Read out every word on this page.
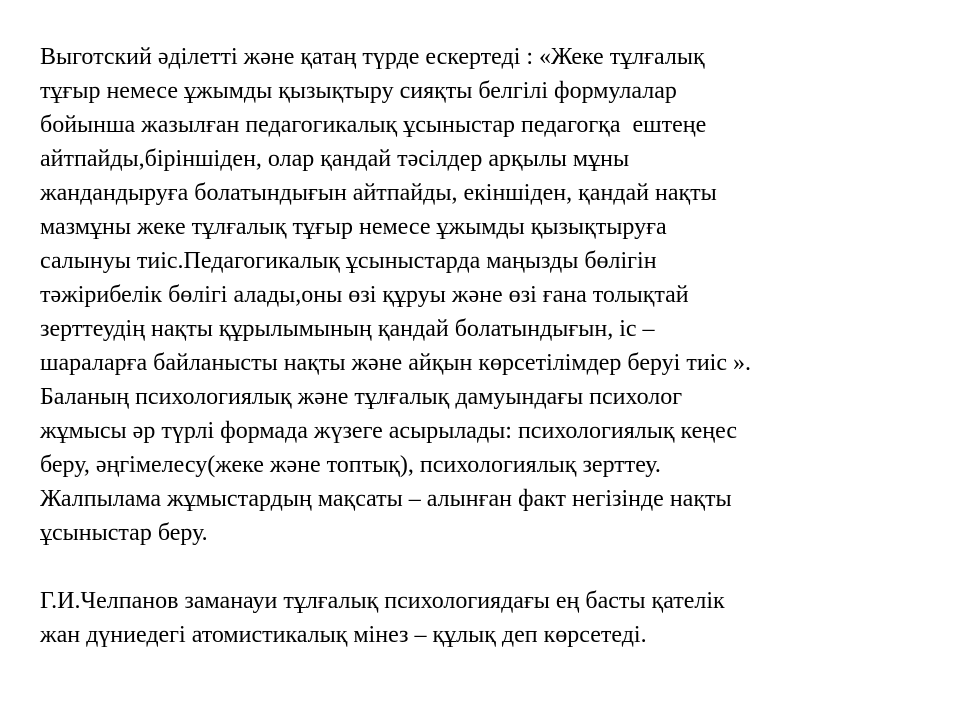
Выготский әділетті және қатаң түрде ескертеді : «Жеке тұлғалық
тұғыр немесе ұжымды қызықтыру сияқты белгілі формулалар
бойынша жазылған педагогикалық ұсыныстар педагогқа  ештеңе
айтпайды,біріншіден, олар қандай тәсілдер арқылы мұны
жандандыруға болатындығын айтпайды, екіншіден, қандай нақты
мазмұны жеке тұлғалық тұғыр немесе ұжымды қызықтыруға
салынуы тиіс.Педагогикалық ұсыныстарда маңызды бөлігін
тәжірибелік бөлігі алады,оны өзі құруы және өзі ғана толықтай
зерттеудің нақты құрылымының қандай болатындығын, іс –
шараларға байланысты нақты және айқын көрсетілімдер беруі тиіс ».
Баланың психологиялық және тұлғалық дамуындағы психолог
жұмысы әр түрлі формада жүзеге асырылады: психологиялық кеңес
беру, әңгімелесу(жеке және топтық), психологиялық зерттеу.
Жалпылама жұмыстардың мақсаты – алынған факт негізінде нақты
ұсыныстар беру.
Г.И.Челпанов заманауи тұлғалық психологиядағы ең басты қателік
жан дүниедегі атомистикалық мінез – құлық деп көрсетеді.
